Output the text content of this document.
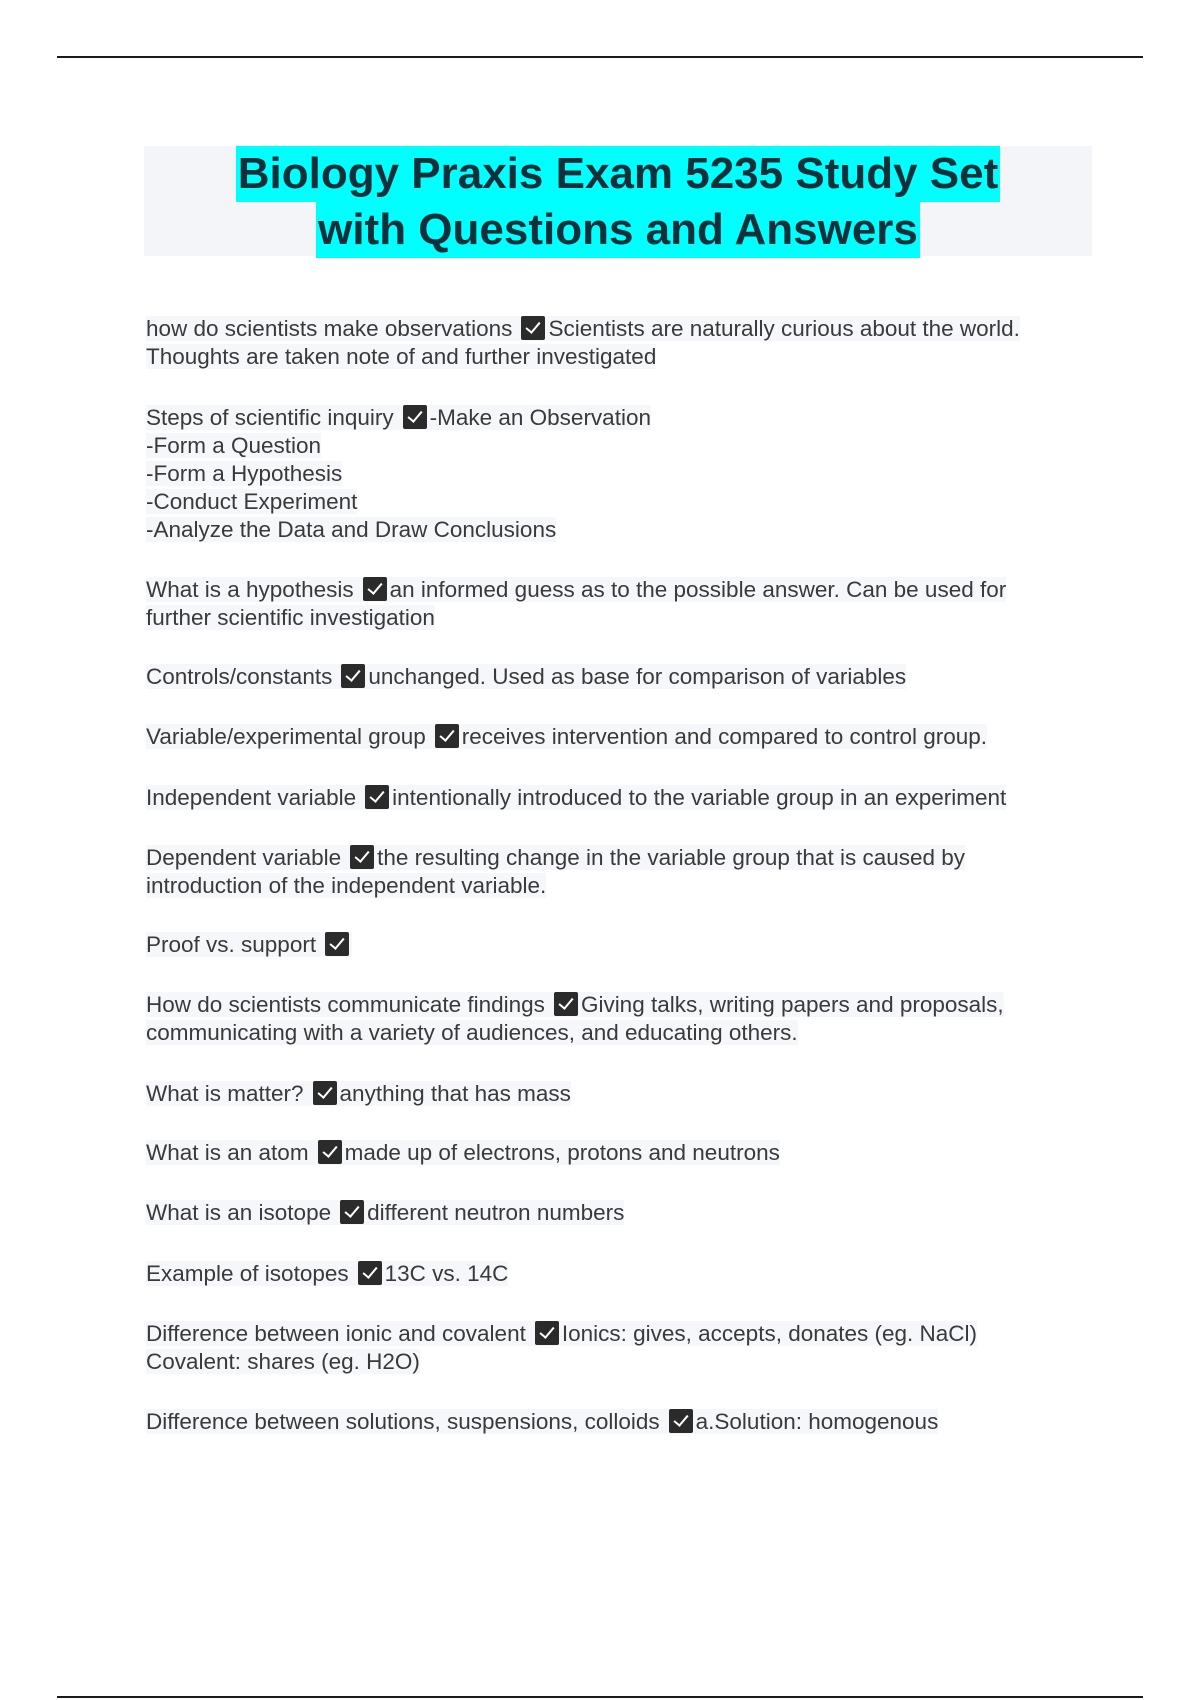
Biology Praxis Exam 5235 Study Set
with Questions and Answers
how do scientists make observations Scientists are naturally curious about the world.
Thoughts are taken note of and further investigated
Steps of scientific inquiry -Make an Observation
-Form a Question
-Form a Hypothesis
-Conduct Experiment
-Analyze the Data and Draw Conclusions
What is a hypothesis an informed guess as to the possible answer. Can be used for
further scientific investigation
Controls/constants unchanged. Used as base for comparison of variables
Variable/experimental group receives intervention and compared to control group.
Independent variable intentionally introduced to the variable group in an experiment
Dependent variable the resulting change in the variable group that is caused by
introduction of the independent variable.
Proof vs. support
How do scientists communicate findings Giving talks, writing papers and proposals,
communicating with a variety of audiences, and educating others.
What is matter? anything that has mass
What is an atom made up of electrons, protons and neutrons
What is an isotope different neutron numbers
Example of isotopes 13C vs. 14C
Difference between ionic and covalent Ionics: gives, accepts, donates (eg. NaCl)
Covalent: shares (eg. H2O)
Difference between solutions, suspensions, colloids a.Solution: homogenous
